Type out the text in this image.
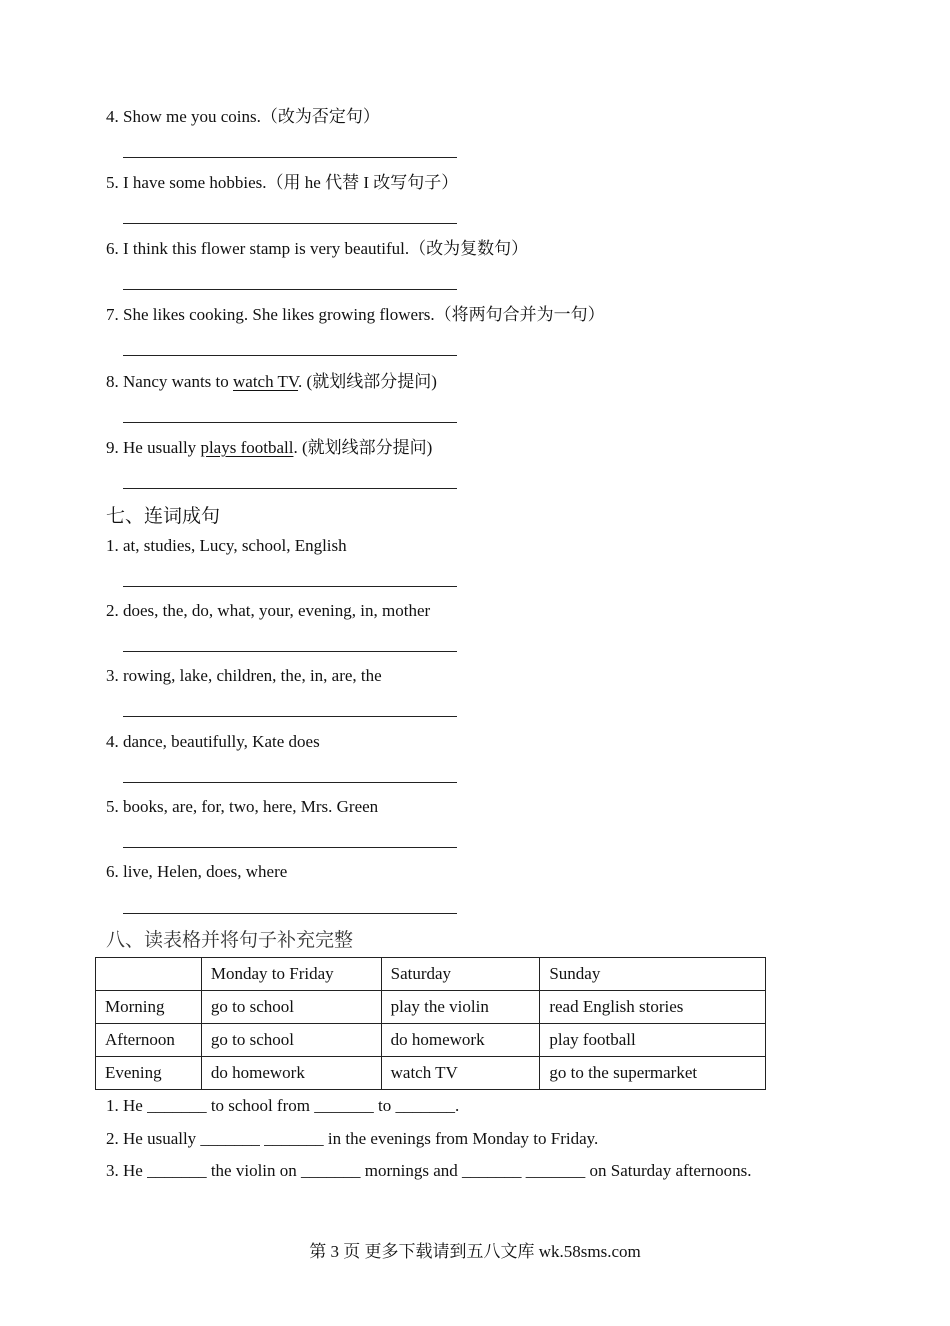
4. Show me you coins.（改为否定句）
5. I have some hobbies.（用 he 代替 I 改写句子）
6. I think this flower stamp is very beautiful.（改为复数句）
7. She likes cooking. She likes growing flowers.（将两句合并为一句）
8. Nancy wants to watch TV. (就划线部分提问)
9. He usually plays football. (就划线部分提问)
七、连词成句
1. at, studies, Lucy, school, English
2. does, the, do, what, your, evening, in, mother
3. rowing, lake, children, the, in, are, the
4. dance, beautifully, Kate does
5. books, are, for, two, here, Mrs. Green
6. live, Helen, does, where
八、读表格并将句子补充完整
	Monday to Friday	Saturday	Sunday
Morning	go to school	play the violin	read English stories
Afternoon	go to school	do homework	play football
Evening	do homework	watch TV	go to the supermarket
1. He _______ to school from _______ to _______.
2. He usually _______ _______ in the evenings from Monday to Friday.
3. He _______ the violin on _______ mornings and _______ _______ on Saturday afternoons.
第 3 页 更多下载请到五八文库 wk.58sms.com
